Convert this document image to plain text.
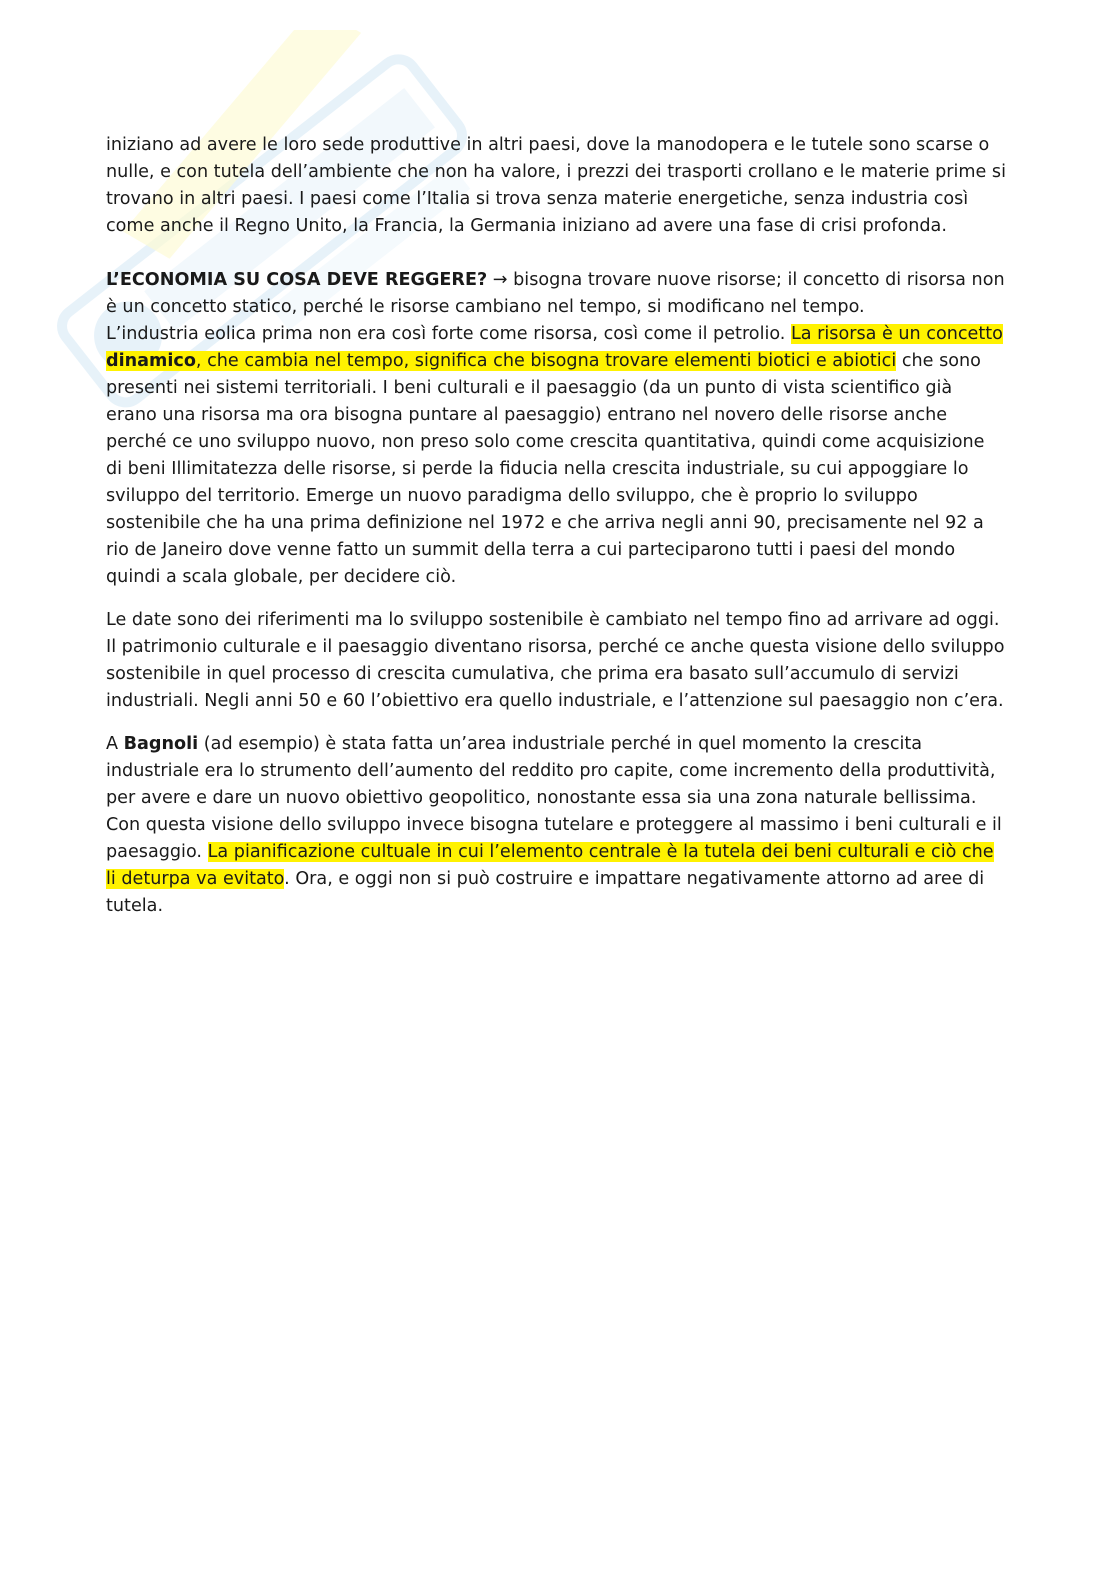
iniziano ad avere le loro sede produttive in altri paesi, dove la manodopera e le tutele sono scarse o nulle, e con tutela dell’ambiente che non ha valore, i prezzi dei trasporti crollano e le materie prime si trovano in altri paesi. I paesi come l’Italia si trova senza materie energetiche, senza industria così come anche il Regno Unito, la Francia, la Germania iniziano ad avere una fase di crisi profonda.

L’ECONOMIA SU COSA DEVE REGGERE? → bisogna trovare nuove risorse; il concetto di risorsa non è un concetto statico, perché le risorse cambiano nel tempo, si modificano nel tempo.
L’industria eolica prima non era così forte come risorsa, così come il petrolio. La risorsa è un concetto dinamico, che cambia nel tempo, significa che bisogna trovare elementi biotici e abiotici che sono presenti nei sistemi territoriali. I beni culturali e il paesaggio (da un punto di vista scientifico già erano una risorsa ma ora bisogna puntare al paesaggio) entrano nel novero delle risorse anche perché ce uno sviluppo nuovo, non preso solo come crescita quantitativa, quindi come acquisizione di beni Illimitatezza delle risorse, si perde la fiducia nella crescita industriale, su cui appoggiare lo sviluppo del territorio. Emerge un nuovo paradigma dello sviluppo, che è proprio lo sviluppo sostenibile che ha una prima definizione nel 1972 e che arriva negli anni 90, precisamente nel 92 a rio de Janeiro dove venne fatto un summit della terra a cui parteciparono tutti i paesi del mondo quindi a scala globale, per decidere ciò.

Le date sono dei riferimenti ma lo sviluppo sostenibile è cambiato nel tempo fino ad arrivare ad oggi. Il patrimonio culturale e il paesaggio diventano risorsa, perché ce anche questa visione dello sviluppo sostenibile in quel processo di crescita cumulativa, che prima era basato sull’accumulo di servizi industriali. Negli anni 50 e 60 l’obiettivo era quello industriale, e l’attenzione sul paesaggio non c’era.

A Bagnoli (ad esempio) è stata fatta un’area industriale perché in quel momento la crescita industriale era lo strumento dell’aumento del reddito pro capite, come incremento della produttività, per avere e dare un nuovo obiettivo geopolitico, nonostante essa sia una zona naturale bellissima. Con questa visione dello sviluppo invece bisogna tutelare e proteggere al massimo i beni culturali e il paesaggio. La pianificazione cultuale in cui l’elemento centrale è la tutela dei beni culturali e ciò che li deturpa va evitato. Ora, e oggi non si può costruire e impattare negativamente attorno ad aree di tutela.
